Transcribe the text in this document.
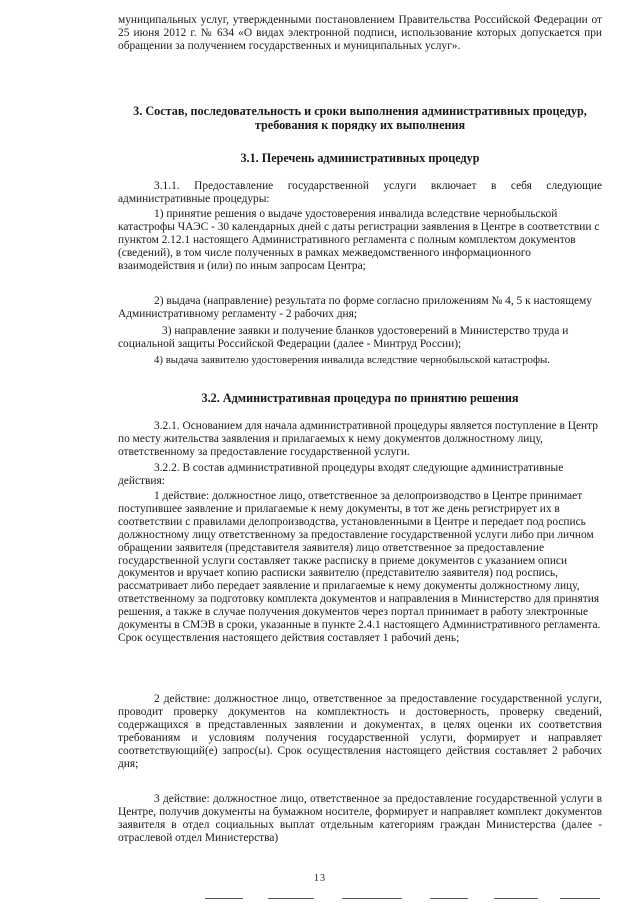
муниципальных услуг, утвержденными постановлением Правительства Российской Федерации от 25 июня 2012 г. № 634 «О видах электронной подписи, использование которых допускается при обращении за получением государственных и муниципальных услуг».
3. Состав, последовательность и сроки выполнения административных процедур, требования к порядку их выполнения
3.1. Перечень административных процедур
3.1.1. Предоставление государственной услуги включает в себя следующие административные процедуры:
1) принятие решения о выдаче удостоверения инвалида вследствие чернобыльской катастрофы ЧАЭС - 30 календарных дней с даты регистрации заявления в Центре в соответствии с пунктом 2.12.1 настоящего Административного регламента с полным комплектом документов (сведений), в том числе полученных в рамках межведомственного информационного взаимодействия и (или) по иным запросам Центра;
2) выдача (направление) результата по форме согласно приложениям № 4, 5 к настоящему Административному регламенту - 2 рабочих дня;
3) направление заявки и получение бланков удостоверений в Министерство труда и социальной защиты Российской Федерации (далее - Минтруд России);
4) выдача заявителю удостоверения инвалида вследствие чернобыльской катастрофы.
3.2. Административная процедура по принятию решения
3.2.1. Основанием для начала административной процедуры является поступление в Центр по месту жительства заявления и прилагаемых к нему документов должностному лицу, ответственному за предоставление государственной услуги.
3.2.2. В состав административной процедуры входят следующие административные действия:
1 действие: должностное лицо, ответственное за делопроизводство в Центре принимает поступившее заявление и прилагаемые к нему документы, в тот же день регистрирует их в соответствии с правилами делопроизводства, установленными в Центре и передает под роспись должностному лицу ответственному за предоставление государственной услуги либо при личном обращении заявителя (представителя заявителя) лицо ответственное за предоставление государственной услуги составляет также расписку в приеме документов с указанием описи документов и вручает копию расписки заявителю (представителю заявителя) под роспись, рассматривает либо передает заявление и прилагаемые к нему документы должностному лицу, ответственному за подготовку комплекта документов и направления в Министерство для принятия решения, а также в случае получения документов через портал принимает в работу электронные документы в СМЭВ в сроки, указанные в пункте 2.4.1 настоящего Административного регламента. Срок осуществления настоящего действия составляет 1 рабочий день;
2 действие: должностное лицо, ответственное за предоставление государственной услуги, проводит проверку документов на комплектность и достоверность, проверку сведений, содержащихся в представленных заявлении и документах, в целях оценки их соответствия требованиям и условиям получения государственной услуги, формирует и направляет соответствующий(е) запрос(ы). Срок осуществления настоящего действия составляет 2 рабочих дня;
3 действие: должностное лицо, ответственное за предоставление государственной услуги в Центре, получив документы на бумажном носителе, формирует и направляет комплект документов заявителя в отдел социальных выплат отдельным категориям граждан Министерства (далее - отраслевой отдел Министерства)
13
